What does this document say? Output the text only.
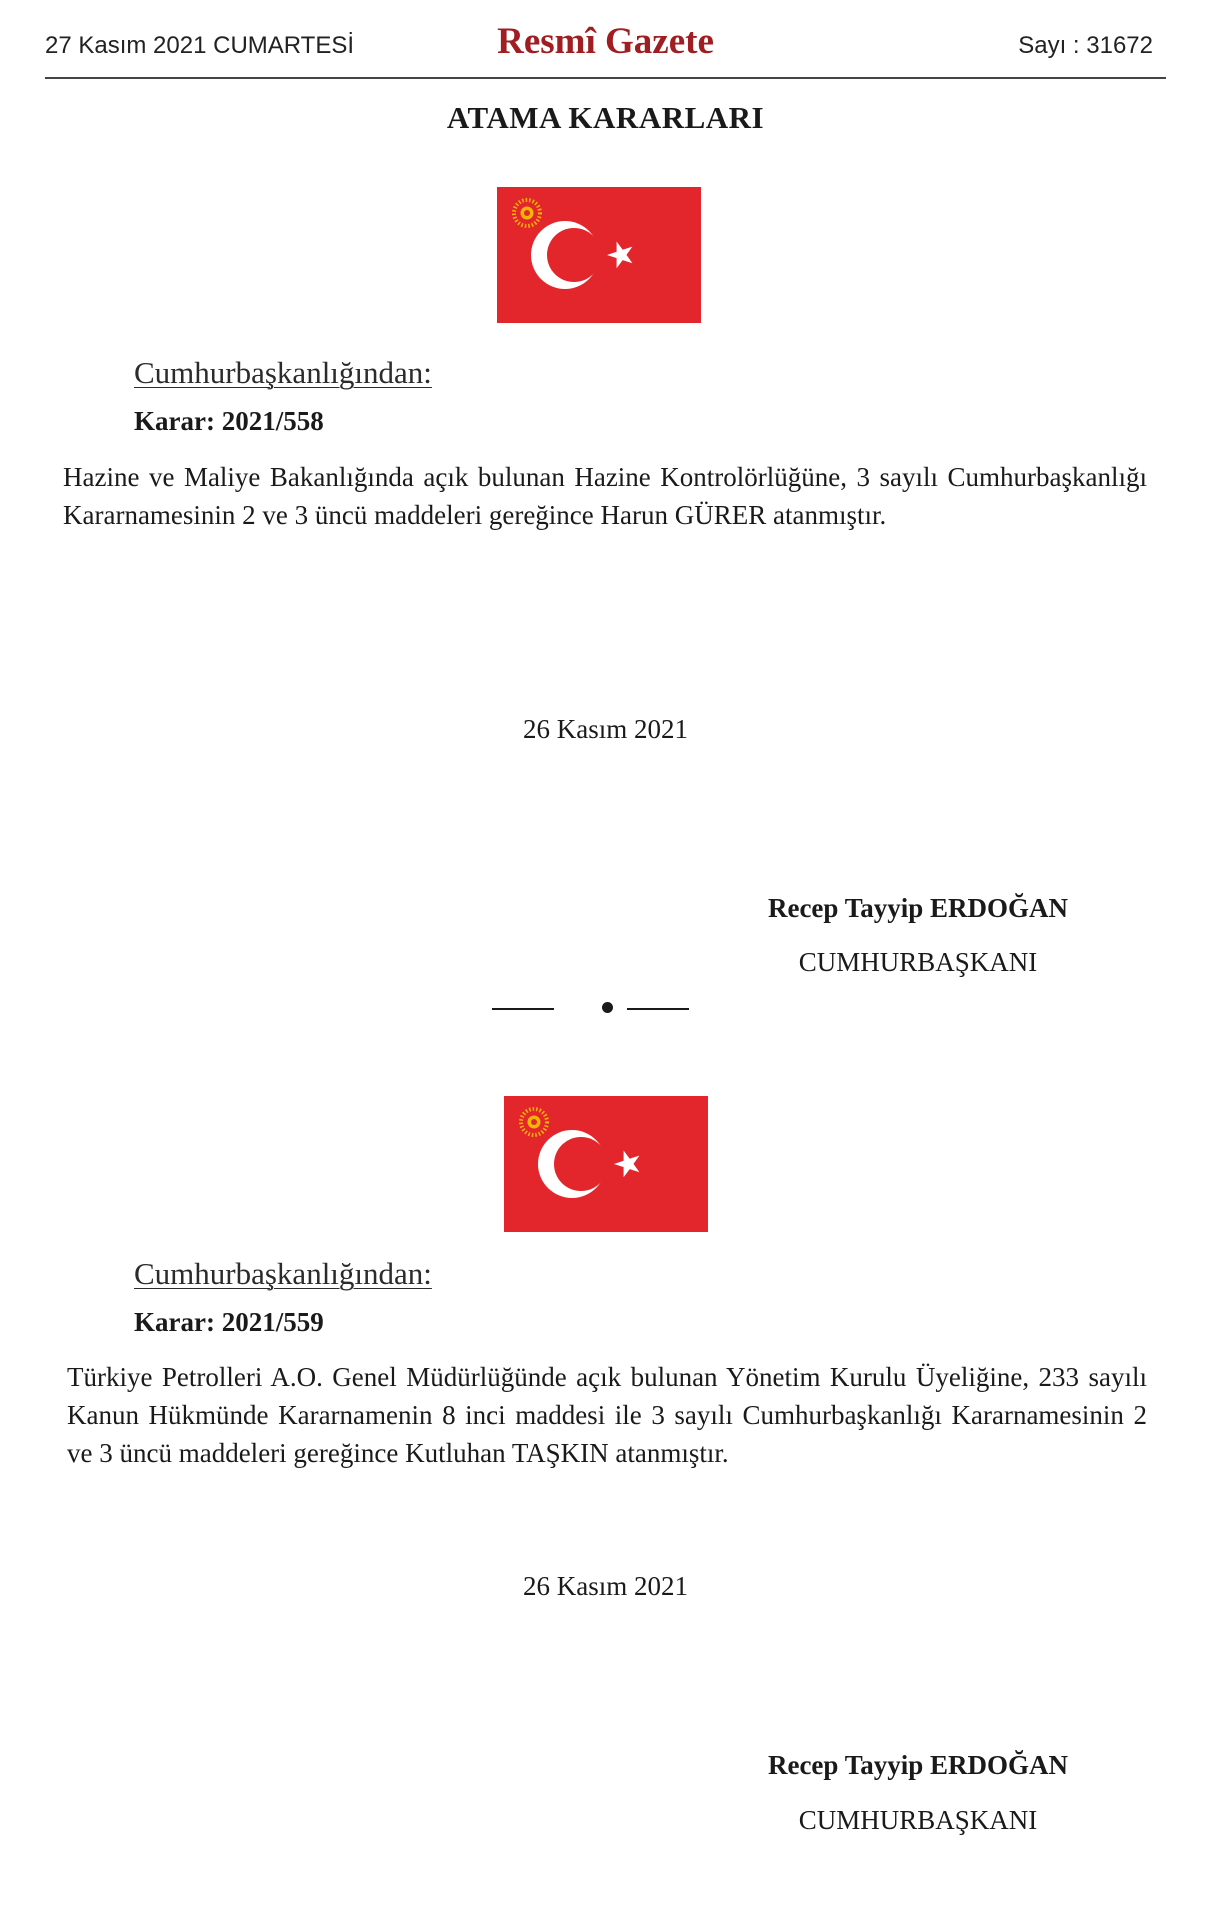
27 Kasım 2021 CUMARTESİ	Resmî Gazete	Sayı : 31672
ATAMA KARARLARI
Cumhurbaşkanlığından:
Karar: 2021/558
Hazine ve Maliye Bakanlığında açık bulunan Hazine Kontrolörlüğüne, 3 sayılı Cumhurbaşkanlığı Kararnamesinin 2 ve 3 üncü maddeleri gereğince Harun GÜRER atanmıştır.
26 Kasım 2021
Recep Tayyip ERDOĞAN
CUMHURBAŞKANI
Cumhurbaşkanlığından:
Karar: 2021/559
Türkiye Petrolleri A.O. Genel Müdürlüğünde açık bulunan Yönetim Kurulu Üyeliğine, 233 sayılı Kanun Hükmünde Kararnamenin 8 inci maddesi ile 3 sayılı Cumhurbaşkanlığı Kararnamesinin 2 ve 3 üncü maddeleri gereğince Kutluhan TAŞKIN atanmıştır.
26 Kasım 2021
Recep Tayyip ERDOĞAN
CUMHURBAŞKANI
